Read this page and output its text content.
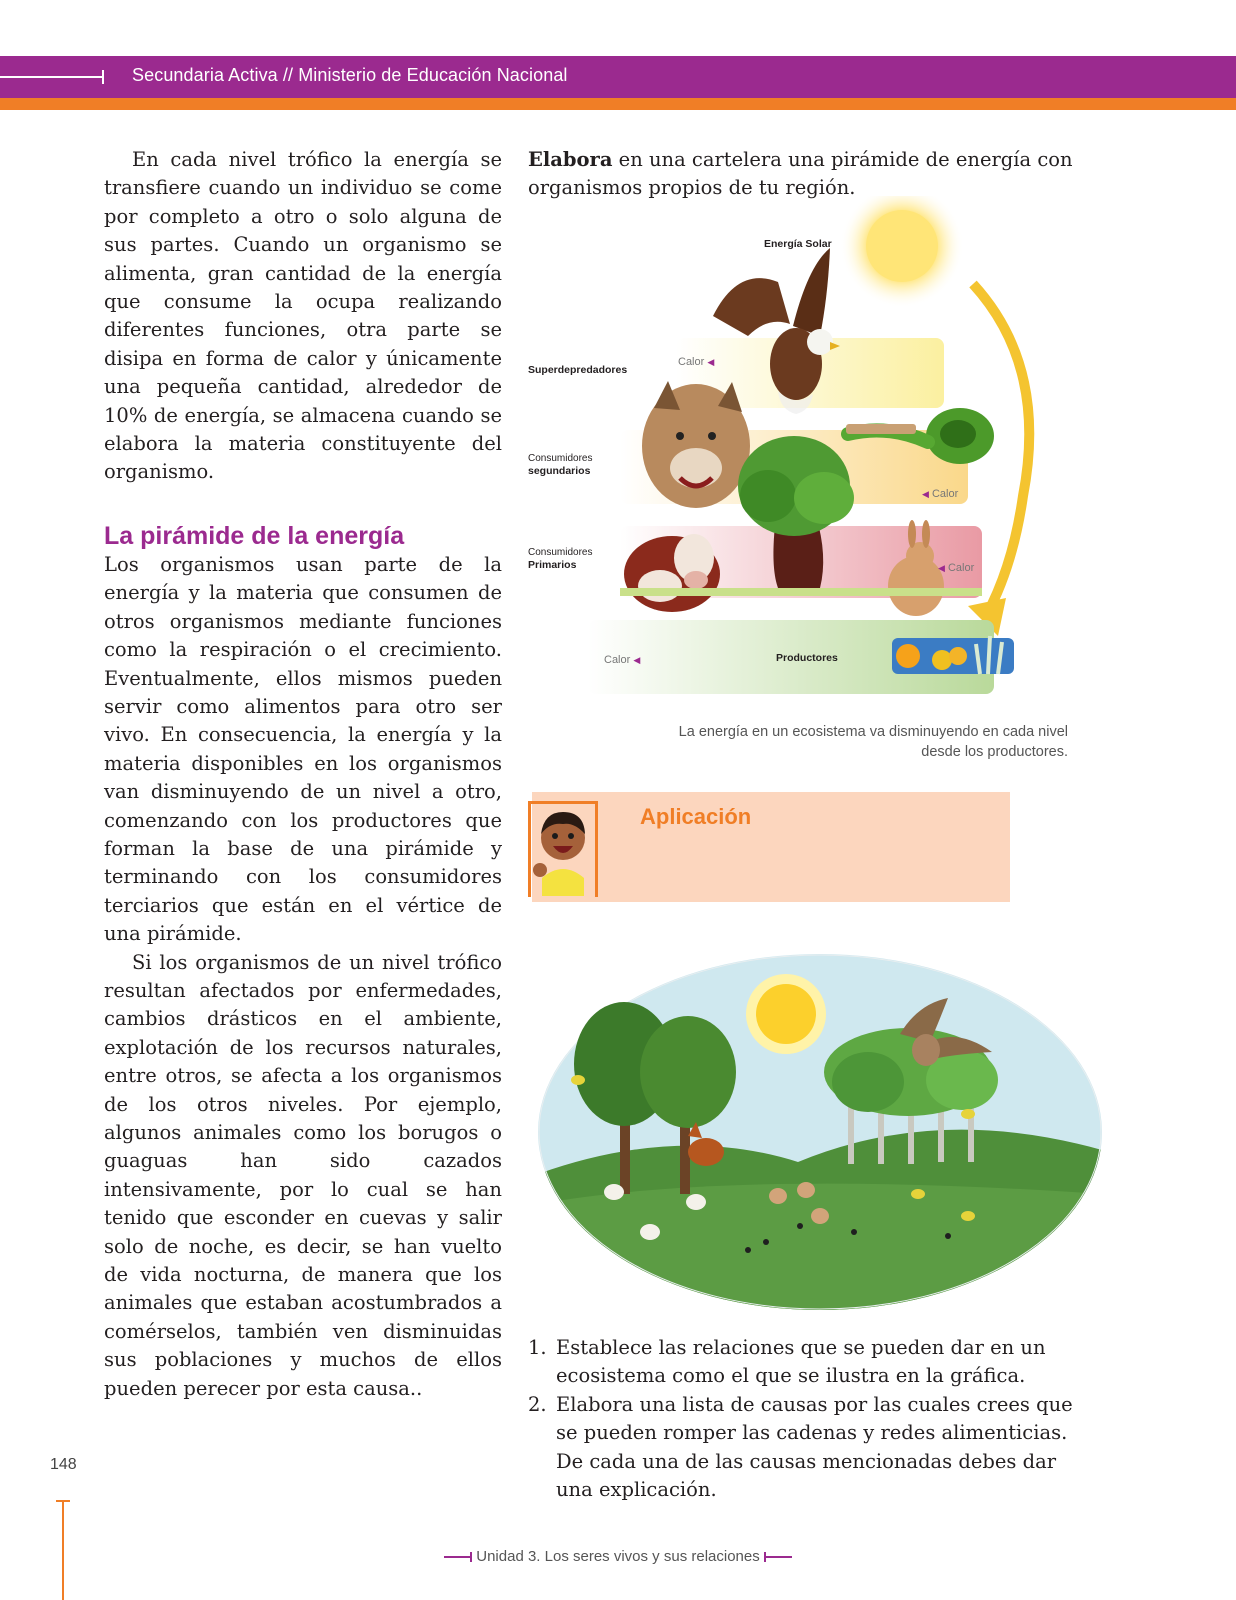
Secundaria Activa // Ministerio de Educación Nacional

En cada nivel trófico la energía se transfiere cuando un individuo se come por completo a otro o solo alguna de sus partes. Cuando un organismo se alimenta, gran cantidad de la energía que consume la ocupa realizando diferentes funciones, otra parte se disipa en forma de calor y únicamente una pequeña cantidad, alrededor de 10% de energía, se almacena cuando se elabora la materia constituyente del organismo.

La pirámide de la energía

Los organismos usan parte de la energía y la materia que consumen de otros organismos mediante funciones como la respiración o el crecimiento. Eventualmente, ellos mismos pueden servir como alimentos para otro ser vivo. En consecuencia, la energía y la materia disponibles en los organismos van disminuyendo de un nivel a otro, comenzando con los productores que forman la base de una pirámide y terminando con los consumidores terciarios que están en el vértice de una pirámide.

Si los organismos de un nivel trófico resultan afectados por enfermedades, cambios drásticos en el ambiente, explotación de los recursos naturales, entre otros, se afecta a los organismos de los otros niveles. Por ejemplo, algunos animales como los borugos o guaguas han sido cazados intensivamente, por lo cual se han tenido que esconder en cuevas y salir solo de noche, es decir, se han vuelto de vida nocturna, de manera que los animales que estaban acostumbrados a comérselos, también ven disminuidas sus poblaciones y muchos de ellos pueden perecer por esta causa..

Elabora en una cartelera una pirámide de energía con organismos propios de tu región.

Energía Solar
Superdepredadores
Consumidores
segundarios
Consumidores
Primarios
Productores
Calor ◀
◀ Calor
◀ Calor
Calor ◀
La energía en un ecosistema va disminuyendo en cada nivel
desde los productores.
Aplicación
1. Establece las relaciones que se pueden dar en un ecosistema como el que se ilustra en la gráfica.
2. Elabora una lista de causas por las cuales crees que se pueden romper las cadenas y redes alimenticias. De cada una de las causas mencionadas debes dar una explicación.
148
Unidad 3. Los seres vivos y sus relaciones
